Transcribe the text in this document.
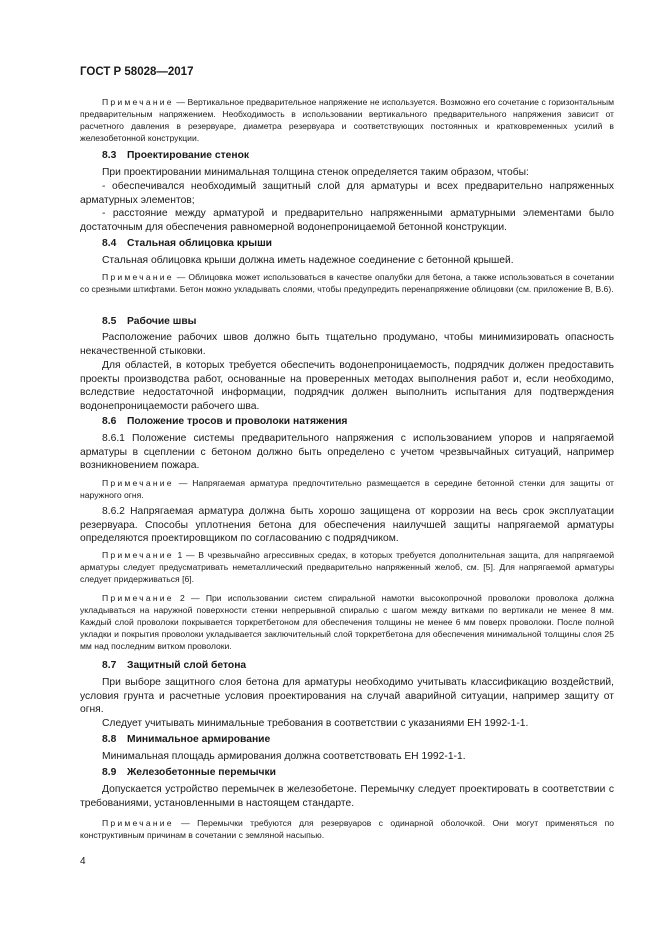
ГОСТ Р 58028—2017

Примечание — Вертикальное предварительное напряжение не используется. Возможно его сочетание с горизонтальным предварительным напряжением. Необходимость в использовании вертикального предварительного напряжения зависит от расчетного давления в резервуаре, диаметра резервуара и соответствующих постоянных и кратковременных усилий в железобетонной конструкции.

8.3 Проектирование стенок

При проектировании минимальная толщина стенок определяется таким образом, чтобы:

- обеспечивался необходимый защитный слой для арматуры и всех предварительно напряженных арматурных элементов;

- расстояние между арматурой и предварительно напряженными арматурными элементами было достаточным для обеспечения равномерной водонепроницаемой бетонной конструкции.

8.4 Стальная облицовка крыши

Стальная облицовка крыши должна иметь надежное соединение с бетонной крышей.

Примечание — Облицовка может использоваться в качестве опалубки для бетона, а также использоваться в сочетании со срезными штифтами. Бетон можно укладывать слоями, чтобы предупредить перенапряжение облицовки (см. приложение В, В.6).

8.5 Рабочие швы

Расположение рабочих швов должно быть тщательно продумано, чтобы минимизировать опасность некачественной стыковки.

Для областей, в которых требуется обеспечить водонепроницаемость, подрядчик должен предоставить проекты производства работ, основанные на проверенных методах выполнения работ и, если необходимо, вследствие недостаточной информации, подрядчик должен выполнить испытания для подтверждения водонепроницаемости рабочего шва.

8.6 Положение тросов и проволоки натяжения

8.6.1 Положение системы предварительного напряжения с использованием упоров и напрягаемой арматуры в сцеплении с бетоном должно быть определено с учетом чрезвычайных ситуаций, например возникновением пожара.

Примечание — Напрягаемая арматура предпочтительно размещается в середине бетонной стенки для защиты от наружного огня.

8.6.2 Напрягаемая арматура должна быть хорошо защищена от коррозии на весь срок эксплуатации резервуара. Способы уплотнения бетона для обеспечения наилучшей защиты напрягаемой арматуры определяются проектировщиком по согласованию с подрядчиком.

Примечание 1 — В чрезвычайно агрессивных средах, в которых требуется дополнительная защита, для напрягаемой арматуры следует предусматривать неметаллический предварительно напряженный желоб, см. [5]. Для напрягаемой арматуры следует придерживаться [6].

Примечание 2 — При использовании систем спиральной намотки высокопрочной проволоки проволока должна укладываться на наружной поверхности стенки непрерывной спиралью с шагом между витками по вертикали не менее 8 мм. Каждый слой проволоки покрывается торкретбетоном для обеспечения толщины не менее 6 мм поверх проволоки. После полной укладки и покрытия проволоки укладывается заключительный слой торкретбетона для обеспечения минимальной толщины слоя 25 мм над последним витком проволоки.

8.7 Защитный слой бетона

При выборе защитного слоя бетона для арматуры необходимо учитывать классификацию воздействий, условия грунта и расчетные условия проектирования на случай аварийной ситуации, например защиту от огня.

Следует учитывать минимальные требования в соответствии с указаниями ЕН 1992-1-1.

8.8 Минимальное армирование

Минимальная площадь армирования должна соответствовать ЕН 1992-1-1.

8.9 Железобетонные перемычки

Допускается устройство перемычек в железобетоне. Перемычку следует проектировать в соответствии с требованиями, установленными в настоящем стандарте.

Примечание — Перемычки требуются для резервуаров с одинарной оболочкой. Они могут применяться по конструктивным причинам в сочетании с земляной насыпью.

4
